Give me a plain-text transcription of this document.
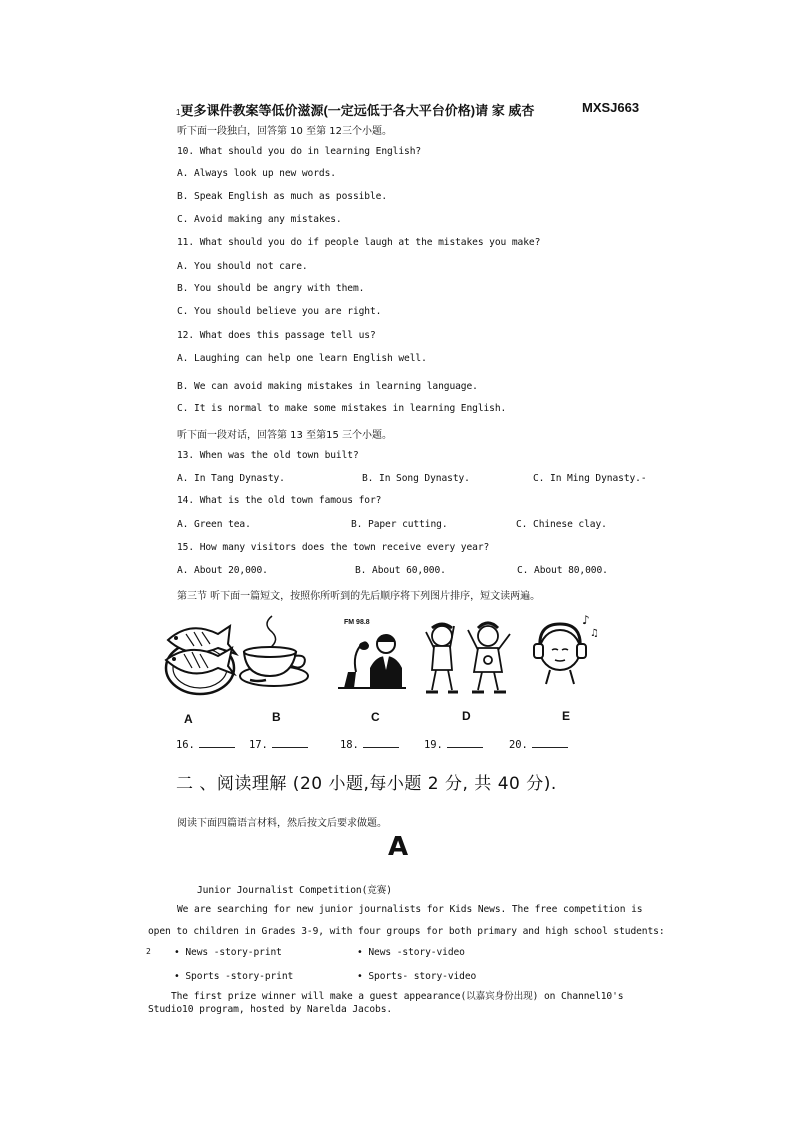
1更多课件教案等低价滋源(一定远低于各大平台价格)请 家 威杏	MXSJ663
听下面一段独白，回答第 10 至第 12三个小题。
10. What should you do in learning English?
A. Always look up new words.
B. Speak English as much as possible.
C. Avoid making any mistakes.
11. What should you do if people laugh at the mistakes you make?
A. You should not care.
B. You should be angry with them.
C. You should believe you are right.
12. What does this passage tell us?
A. Laughing can help one learn English well.
B. We can avoid making mistakes in learning language.
C. It is normal to make some mistakes in learning English.
听下面一段对话，回答第 13 至第15 三个小题。
13. When was the old town built?
A. In Tang Dynasty.	B. In Song Dynasty.	C. In Ming Dynasty.-
14. What is the old town famous for?
A. Green tea.	B. Paper cutting.	C. Chinese clay.
15. How many visitors does the town receive every year?
A. About 20,000.	B. About 60,000.	C. About 80,000.
第三节 听下面一篇短文，按照你所听到的先后顺序将下列图片排序，短文读两遍。
FM 98.8	♪
♫
A	B	C	D	E
16.	17.	18.	19.	20.
二 、阅读理解 (20 小题,每小题 2 分, 共 40 分).
阅读下面四篇语言材料，然后按文后要求做题。
A
Junior Journalist Competition(竞赛)
We are searching for new junior journalists for Kids News. The free competition is
open to children in Grades 3-9, with four groups for both primary and high school students:
2 • News -story-print	• News -story-video
• Sports -story-print	• Sports- story-video
The first prize winner will make a guest appearance(以嘉宾身份出现) on Channel10's
Studio10 program, hosted by Narelda Jacobs.
